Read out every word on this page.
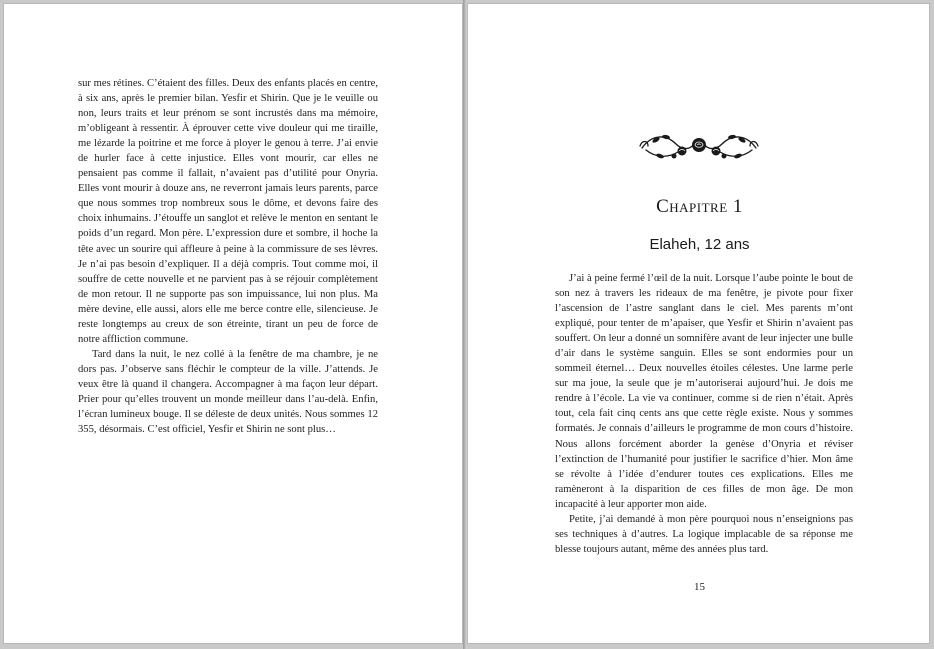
sur mes rétines. C’étaient des filles. Deux des enfants placés en centre, à six ans, après le premier bilan. Yesfir et Shirin. Que je le veuille ou non, leurs traits et leur prénom se sont incrustés dans ma mémoire, m’obligeant à ressentir. À éprouver cette vive douleur qui me tiraille, me lézarde la poitrine et me force à ployer le genou à terre. J’ai envie de hurler face à cette injustice. Elles vont mourir, car elles ne pensaient pas comme il fallait, n’avaient pas d’utilité pour Onyria. Elles vont mourir à douze ans, ne reverront jamais leurs parents, parce que nous sommes trop nombreux sous le dôme, et devons faire des choix inhumains. J’étouffe un sanglot et relève le menton en sentant le poids d’un regard. Mon père. L’expression dure et sombre, il hoche la tête avec un sourire qui affleure à peine à la commissure de ses lèvres. Je n’ai pas besoin d’expliquer. Il a déjà compris. Tout comme moi, il souffre de cette nouvelle et ne parvient pas à se réjouir complètement de mon retour. Il ne supporte pas son impuissance, lui non plus. Ma mère devine, elle aussi, alors elle me berce contre elle, silencieuse. Je reste longtemps au creux de son étreinte, tirant un peu de force de notre affliction commune.

Tard dans la nuit, le nez collé à la fenêtre de ma chambre, je ne dors pas. J’observe sans fléchir le compteur de la ville. J’attends. Je veux être là quand il changera. Accompagner à ma façon leur départ. Prier pour qu’elles trouvent un monde meilleur dans l’au-delà. Enfin, l’écran lumineux bouge. Il se déleste de deux unités. Nous sommes 12 355, désormais. C’est officiel, Yesfir et Shirin ne sont plus…

Chapitre 1
Elaheh, 12 ans

J’ai à peine fermé l’œil de la nuit. Lorsque l’aube pointe le bout de son nez à travers les rideaux de ma fenêtre, je pivote pour fixer l’ascension de l’astre sanglant dans le ciel. Mes parents m’ont expliqué, pour tenter de m’apaiser, que Yesfir et Shirin n’avaient pas souffert. On leur a donné un somnifère avant de leur injecter une bulle d’air dans le système sanguin. Elles se sont endormies pour un sommeil éternel… Deux nouvelles étoiles célestes. Une larme perle sur ma joue, la seule que je m’autoriserai aujourd’hui. Je dois me rendre à l’école. La vie va continuer, comme si de rien n’était. Après tout, cela fait cinq cents ans que cette règle existe. Nous y sommes formatés. Je connais d’ailleurs le programme de mon cours d’histoire. Nous allons forcément aborder la genèse d’Onyria et réviser l’extinction de l’humanité pour justifier le sacrifice d’hier. Mon âme se révolte à l’idée d’endurer toutes ces explications. Elles me ramèneront à la disparition de ces filles de mon âge. De mon incapacité à leur apporter mon aide.

Petite, j’ai demandé à mon père pourquoi nous n’enseignions pas ses techniques à d’autres. La logique implacable de sa réponse me blesse toujours autant, même des années plus tard.

15
